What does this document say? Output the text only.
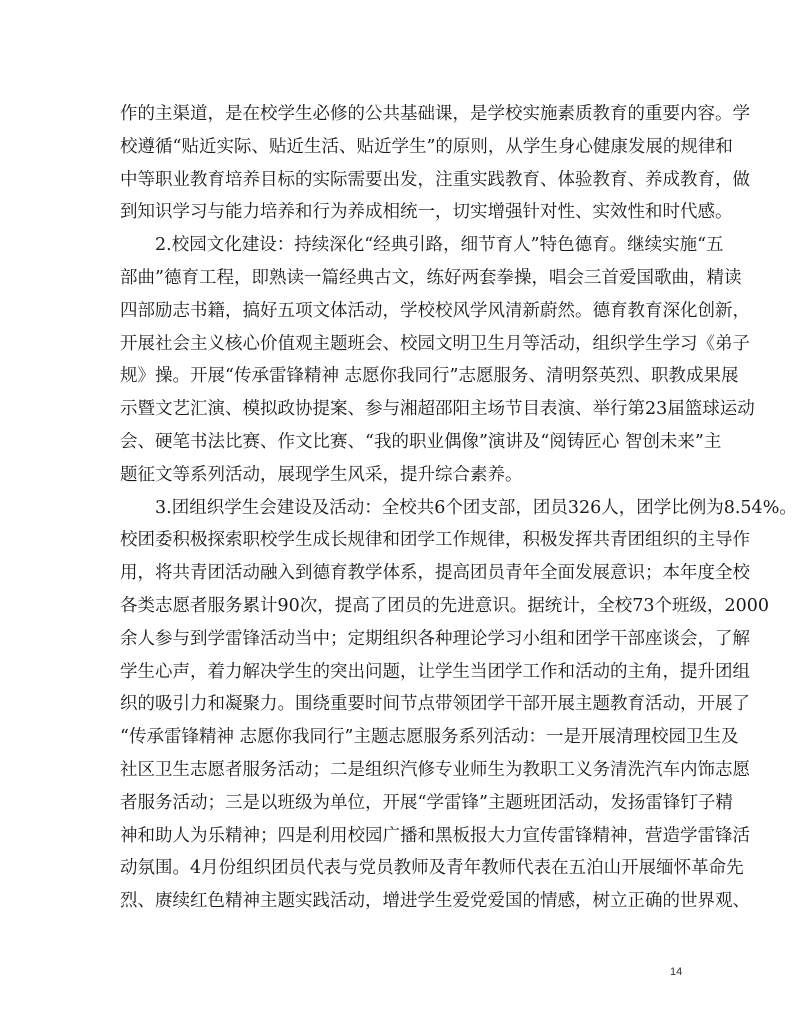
作的主渠道，是在校学生必修的公共基础课，是学校实施素质教育的重要内容。学
校遵循“贴近实际、贴近生活、贴近学生”的原则，从学生身心健康发展的规律和
中等职业教育培养目标的实际需要出发，注重实践教育、体验教育、养成教育，做
到知识学习与能力培养和行为养成相统一，切实增强针对性、实效性和时代感。
2.校园文化建设：持续深化“经典引路，细节育人”特色德育。继续实施“五
部曲”德育工程，即熟读一篇经典古文，练好两套拳操，唱会三首爱国歌曲，精读
四部励志书籍，搞好五项文体活动，学校校风学风清新蔚然。德育教育深化创新，
开展社会主义核心价值观主题班会、校园文明卫生月等活动，组织学生学习《弟子
规》操。开展“传承雷锋精神 志愿你我同行”志愿服务、清明祭英烈、职教成果展
示暨文艺汇演、模拟政协提案、参与湘超邵阳主场节目表演、举行第23届篮球运动
会、硬笔书法比赛、作文比赛、“我的职业偶像”演讲及“阅铸匠心 智创未来”主
题征文等系列活动，展现学生风采，提升综合素养。
3.团组织学生会建设及活动：全校共6个团支部，团员326人，团学比例为8.54%。
校团委积极探索职校学生成长规律和团学工作规律，积极发挥共青团组织的主导作
用，将共青团活动融入到德育教学体系，提高团员青年全面发展意识；本年度全校
各类志愿者服务累计90次，提高了团员的先进意识。据统计，全校73个班级，2000
余人参与到学雷锋活动当中；定期组织各种理论学习小组和团学干部座谈会，了解
学生心声，着力解决学生的突出问题，让学生当团学工作和活动的主角，提升团组
织的吸引力和凝聚力。围绕重要时间节点带领团学干部开展主题教育活动，开展了
“传承雷锋精神 志愿你我同行”主题志愿服务系列活动：一是开展清理校园卫生及
社区卫生志愿者服务活动；二是组织汽修专业师生为教职工义务清洗汽车内饰志愿
者服务活动；三是以班级为单位，开展“学雷锋”主题班团活动，发扬雷锋钉子精
神和助人为乐精神；四是利用校园广播和黑板报大力宣传雷锋精神，营造学雷锋活
动氛围。4月份组织团员代表与党员教师及青年教师代表在五泊山开展缅怀革命先
烈、赓续红色精神主题实践活动，增进学生爱党爱国的情感，树立正确的世界观、
14
